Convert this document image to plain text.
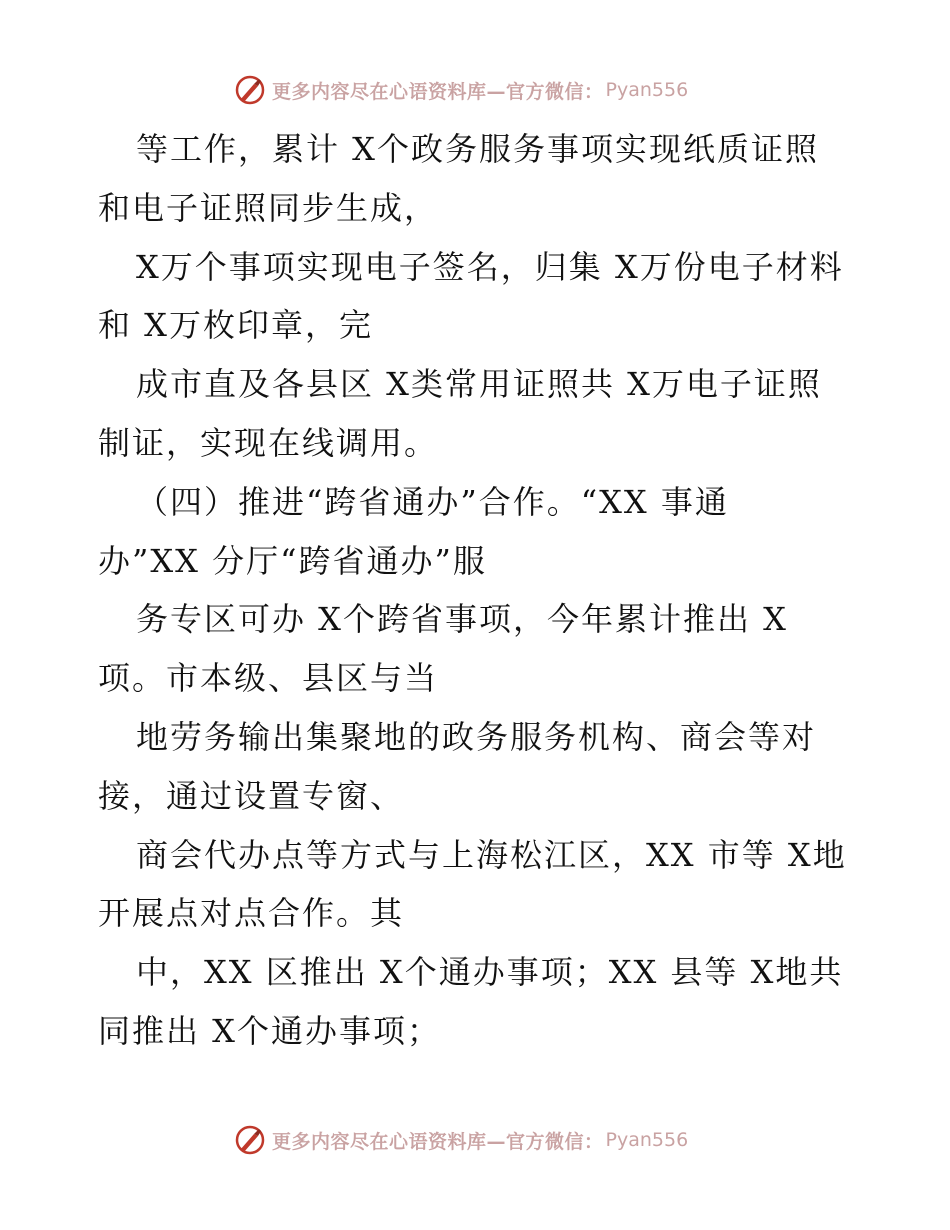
更多内容尽在心语资料库—官方微信： Pyan556
等工作，累计 X个政务服务事项实现纸质证照
和电子证照同步生成，
X万个事项实现电子签名，归集 X万份电子材料
和 X万枚印章，完
成市直及各县区 X类常用证照共 X万电子证照
制证，实现在线调用。
（四）推进“跨省通办”合作。“XX 事通
办”XX 分厅“跨省通办”服
务专区可办 X个跨省事项，今年累计推出 X
项。市本级、县区与当
地劳务输出集聚地的政务服务机构、商会等对
接，通过设置专窗、
商会代办点等方式与上海松江区，XX 市等 X地
开展点对点合作。其
中，XX 区推出 X个通办事项；XX 县等 X地共
同推出 X个通办事项；
更多内容尽在心语资料库—官方微信： Pyan556
